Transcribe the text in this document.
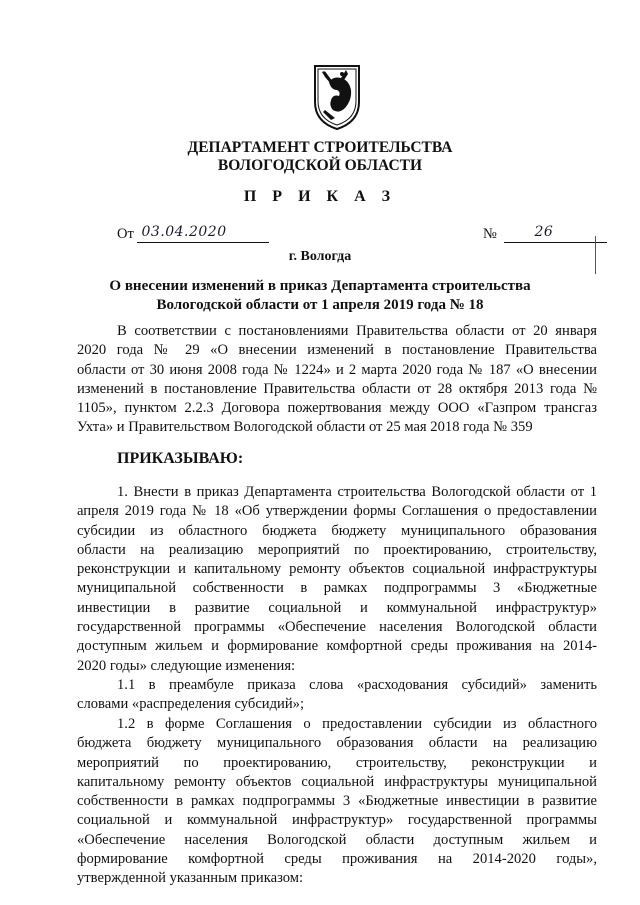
ДЕПАРТАМЕНТ СТРОИТЕЛЬСТВА
ВОЛОГОДСКОЙ ОБЛАСТИ
П Р И К А З
От 03.04.2020	№	26
г. Вологда
О внесении изменений в приказ Департамента строительства
Вологодской области от 1 апреля 2019 года № 18
В соответствии с постановлениями Правительства области от 20 января
2020 года № 29 «О внесении изменений в постановление Правительства
области от 30 июня 2008 года № 1224» и 2 марта 2020 года № 187 «О внесении
изменений в постановление Правительства области от 28 октября 2013 года №
1105», пунктом 2.2.3 Договора пожертвования между ООО «Газпром трансгаз
Ухта» и Правительством Вологодской области от 25 мая 2018 года № 359
ПРИКАЗЫВАЮ:
1. Внести в приказ Департамента строительства Вологодской области от 1
апреля 2019 года № 18 «Об утверждении формы Соглашения о предоставлении
субсидии из областного бюджета бюджету муниципального образования
области на реализацию мероприятий по проектированию, строительству,
реконструкции и капитальному ремонту объектов социальной инфраструктуры
муниципальной собственности в рамках подпрограммы 3 «Бюджетные
инвестиции в развитие социальной и коммунальной инфраструктур»
государственной программы «Обеспечение населения Вологодской области
доступным жильем и формирование комфортной среды проживания на 2014-
2020 годы» следующие изменения:
1.1 в преамбуле приказа слова «расходования субсидий» заменить
словами «распределения субсидий»;
1.2 в форме Соглашения о предоставлении субсидии из областного
бюджета бюджету муниципального образования области на реализацию
мероприятий по проектированию, строительству, реконструкции и
капитальному ремонту объектов социальной инфраструктуры муниципальной
собственности в рамках подпрограммы 3 «Бюджетные инвестиции в развитие
социальной и коммунальной инфраструктур» государственной программы
«Обеспечение населения Вологодской области доступным жильем и
формирование комфортной среды проживания на 2014-2020 годы»,
утвержденной указанным приказом:
